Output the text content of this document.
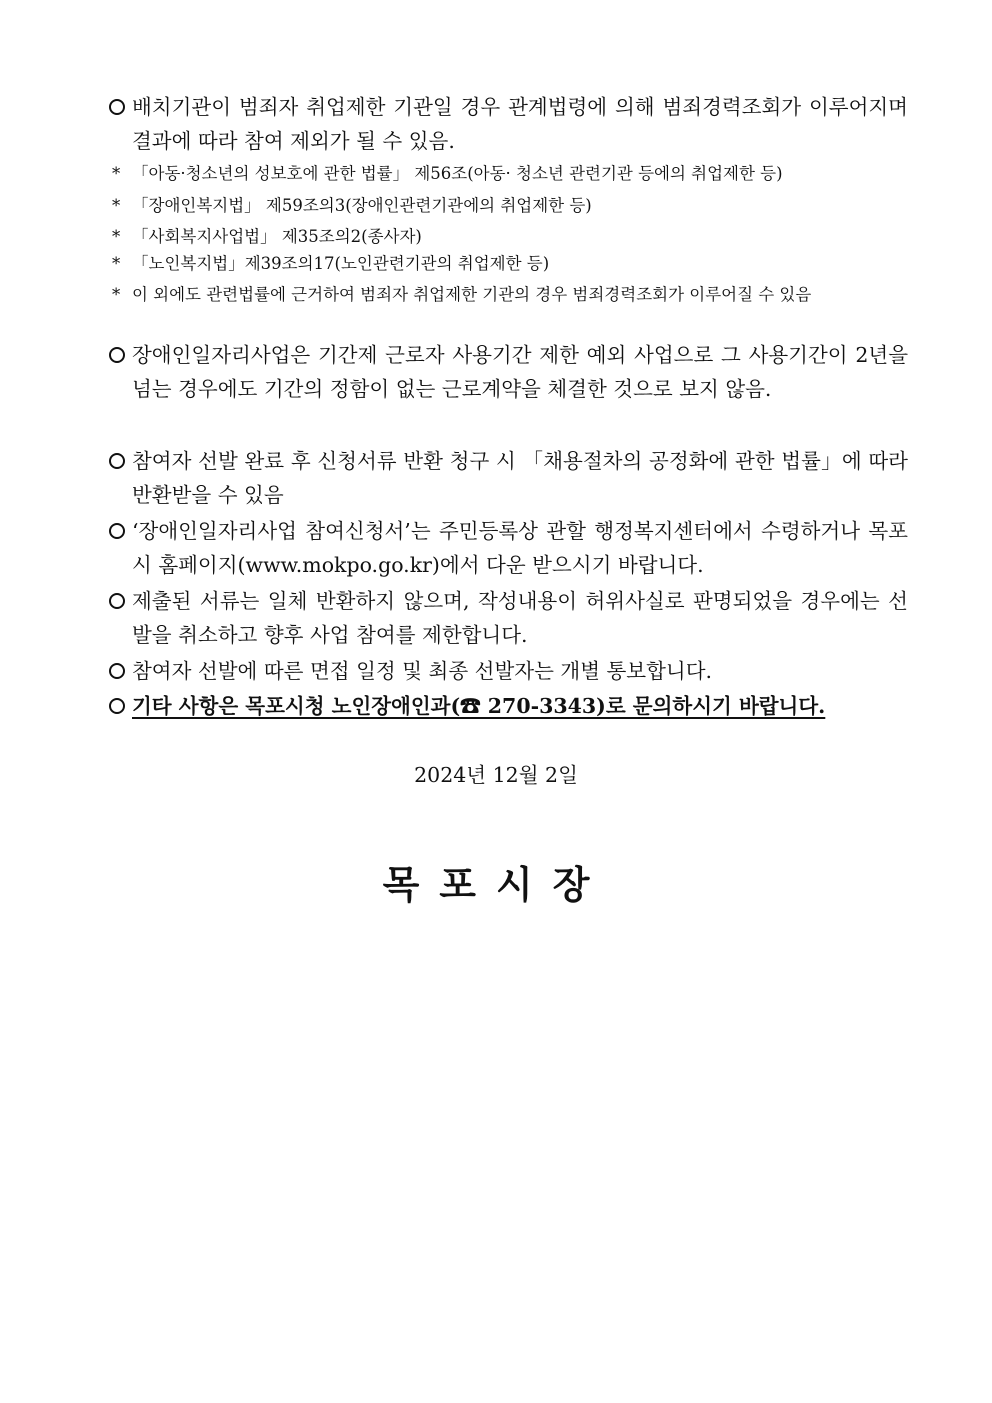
배치기관이 범죄자 취업제한 기관일 경우 관계법령에 의해 범죄경력조회가 이루어지며 결과에 따라 참여 제외가 될 수 있음.
* 「아동·청소년의 성보호에 관한 법률」 제56조(아동· 청소년 관련기관 등에의 취업제한 등)
* 「장애인복지법」 제59조의3(장애인관련기관에의 취업제한 등)
* 「사회복지사업법」 제35조의2(종사자)
* 「노인복지법」제39조의17(노인관련기관의 취업제한 등)
* 이 외에도 관련법률에 근거하여 범죄자 취업제한 기관의 경우 범죄경력조회가 이루어질 수 있음
장애인일자리사업은 기간제 근로자 사용기간 제한 예외 사업으로 그 사용기간이 2년을 넘는 경우에도 기간의 정함이 없는 근로계약을 체결한 것으로 보지 않음.
참여자 선발 완료 후 신청서류 반환 청구 시 「채용절차의 공정화에 관한 법률」에 따라 반환받을 수 있음
‘장애인일자리사업 참여신청서’는 주민등록상 관할 행정복지센터에서 수령하거나 목포시 홈페이지(www.mokpo.go.kr)에서 다운 받으시기 바랍니다.
제출된 서류는 일체 반환하지 않으며, 작성내용이 허위사실로 판명되었을 경우에는 선발을 취소하고 향후 사업 참여를 제한합니다.
참여자 선발에 따른 면접 일정 및 최종 선발자는 개별 통보합니다.
기타 사항은 목포시청 노인장애인과(☎ 270-3343)로 문의하시기 바랍니다.
2024년 12월 2일
목포시장
